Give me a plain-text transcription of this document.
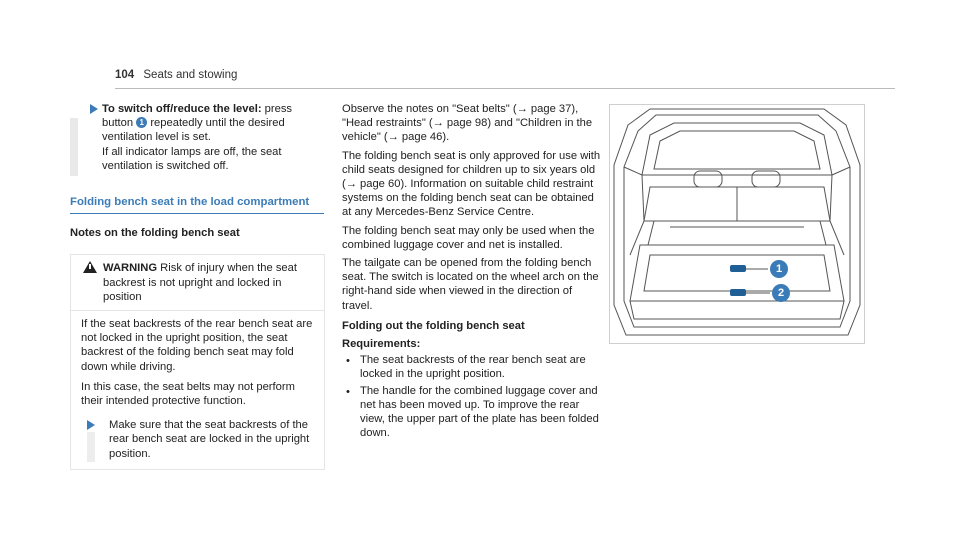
104 Seats and stowing
To switch off/reduce the level: press button 1 repeatedly until the desired ventilation level is set.
If all indicator lamps are off, the seat ventilation is switched off.
Folding bench seat in the load compartment
Notes on the folding bench seat
WARNING Risk of injury when the seat backrest is not upright and locked in position

If the seat backrests of the rear bench seat are not locked in the upright position, the seat backrest of the folding bench seat may fold down while driving.

In this case, the seat belts may not perform their intended protective function.

Make sure that the seat backrests of the rear bench seat are locked in the upright position.

Observe the notes on "Seat belts" (→ page 37), "Head restraints" (→ page 98) and "Children in the vehicle" (→ page 46).

The folding bench seat is only approved for use with child seats designed for children up to six years old (→ page 60). Information on suitable child restraint systems on the folding bench seat can be obtained at any Mercedes-Benz Service Centre.

The folding bench seat may only be used when the combined luggage cover and net is installed.

The tailgate can be opened from the folding bench seat. The switch is located on the wheel arch on the right-hand side when viewed in the direction of travel.

Folding out the folding bench seat
Requirements:
• The seat backrests of the rear bench seat are locked in the upright position.
• The handle for the combined luggage cover and net has been moved up. To improve the rear view, the upper part of the plate has been folded down.
1
2
